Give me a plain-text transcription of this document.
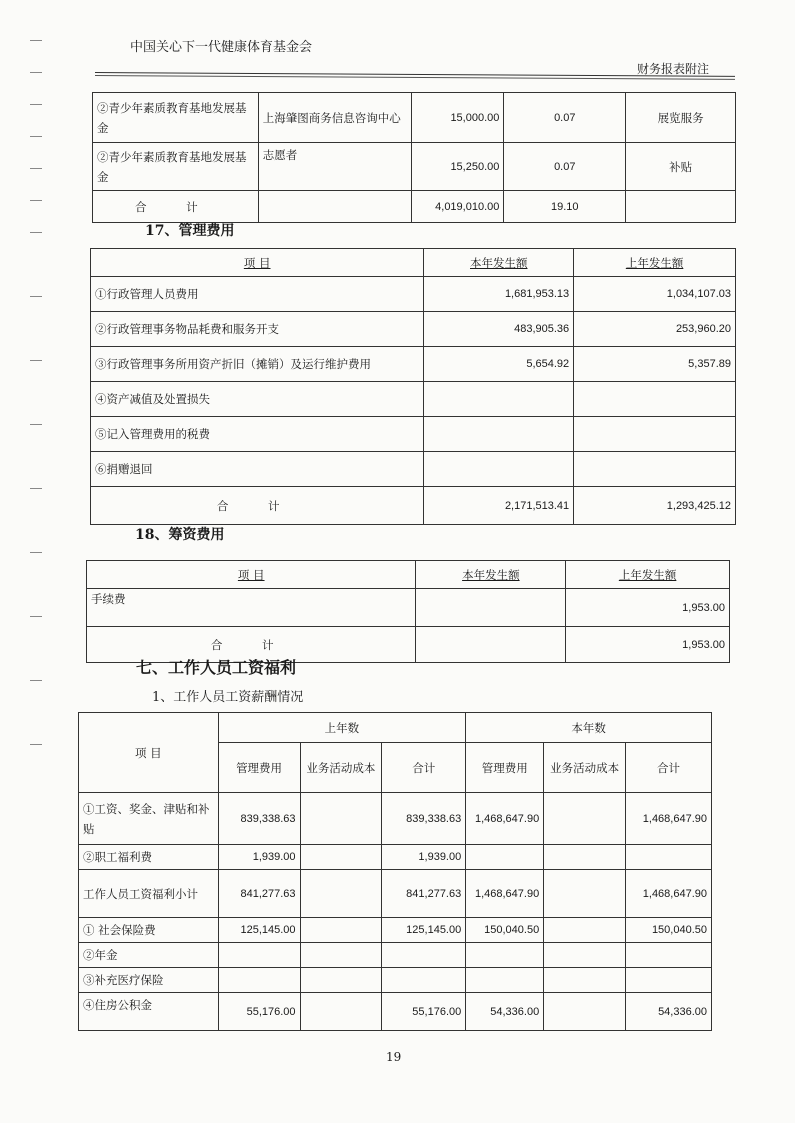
中国关心下一代健康体育基金会
财务报表附注
②青少年素质教育基地发展基金	上海肇图商务信息咨询中心	15,000.00	0.07	展览服务
②青少年素质教育基地发展基金	志愿者	15,250.00	0.07	补贴
合 计		4,019,010.00	19.10	
17、管理费用
项 目	本年发生额	上年发生额
①行政管理人员费用	1,681,953.13	1,034,107.03
②行政管理事务物品耗费和服务开支	483,905.36	253,960.20
③行政管理事务所用资产折旧（摊销）及运行维护费用	5,654.92	5,357.89
④资产减值及处置损失		
⑤记入管理费用的税费		
⑥捐赠退回		
合 计	2,171,513.41	1,293,425.12
18、筹资费用
项 目	本年发生额	上年发生额
手续费		1,953.00
合 计		1,953.00
七、工作人员工资福利
1、工作人员工资薪酬情况
项 目	上年数			本年数		
	管理费用	业务活动成本	合计	管理费用	业务活动成本	合计
①工资、奖金、津贴和补贴	839,338.63		839,338.63	1,468,647.90		1,468,647.90
②职工福利费	1,939.00		1,939.00			
工作人员工资福利小计	841,277.63		841,277.63	1,468,647.90		1,468,647.90
① 社会保险费	125,145.00		125,145.00	150,040.50		150,040.50
②年金						
③补充医疗保险						
④住房公积金	55,176.00		55,176.00	54,336.00		54,336.00
19
